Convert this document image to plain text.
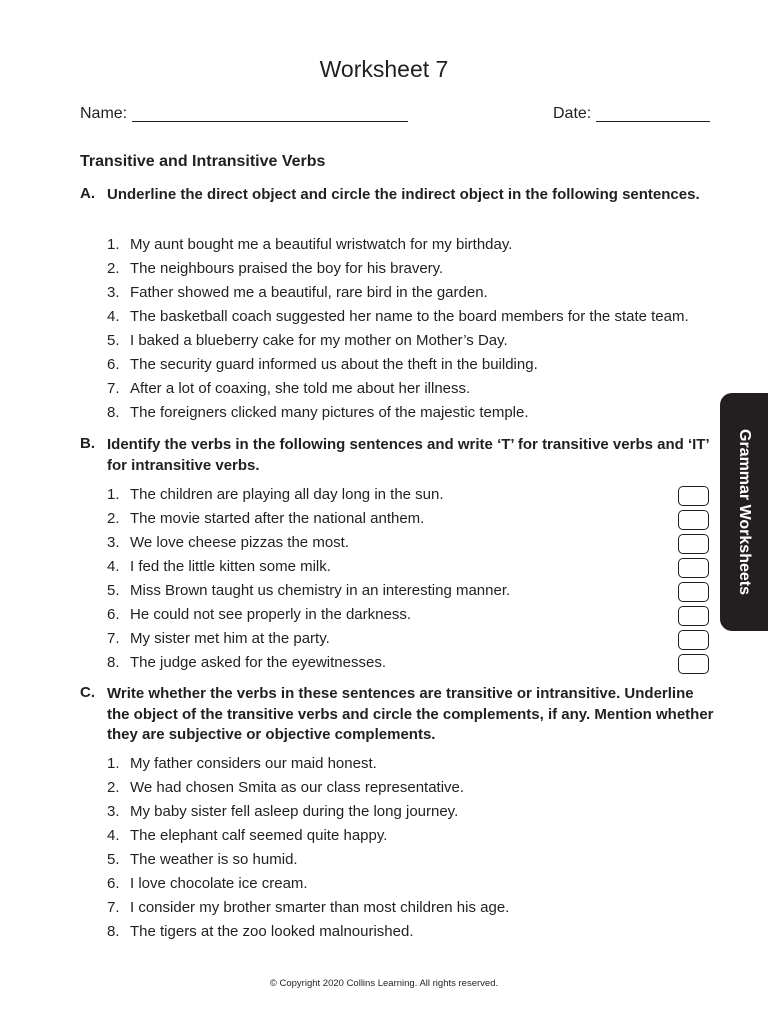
Worksheet 7
Name:	Date:
Transitive and Intransitive Verbs
A. Underline the direct object and circle the indirect object in the following sentences.
1. My aunt bought me a beautiful wristwatch for my birthday.
2. The neighbours praised the boy for his bravery.
3. Father showed me a beautiful, rare bird in the garden.
4. The basketball coach suggested her name to the board members for the state team.
5. I baked a blueberry cake for my mother on Mother’s Day.
6. The security guard informed us about the theft in the building.
7. After a lot of coaxing, she told me about her illness.
8. The foreigners clicked many pictures of the majestic temple.
B. Identify the verbs in the following sentences and write ‘T’ for transitive verbs and ‘IT’ for intransitive verbs.
1. The children are playing all day long in the sun.
2. The movie started after the national anthem.
3. We love cheese pizzas the most.
4. I fed the little kitten some milk.
5. Miss Brown taught us chemistry in an interesting manner.
6. He could not see properly in the darkness.
7. My sister met him at the party.
8. The judge asked for the eyewitnesses.
C. Write whether the verbs in these sentences are transitive or intransitive. Underline the object of the transitive verbs and circle the complements, if any. Mention whether they are subjective or objective complements.
1. My father considers our maid honest.
2. We had chosen Smita as our class representative.
3. My baby sister fell asleep during the long journey.
4. The elephant calf seemed quite happy.
5. The weather is so humid.
6. I love chocolate ice cream.
7. I consider my brother smarter than most children his age.
8. The tigers at the zoo looked malnourished.
Grammar Worksheets
© Copyright 2020 Collins Learning. All rights reserved.
